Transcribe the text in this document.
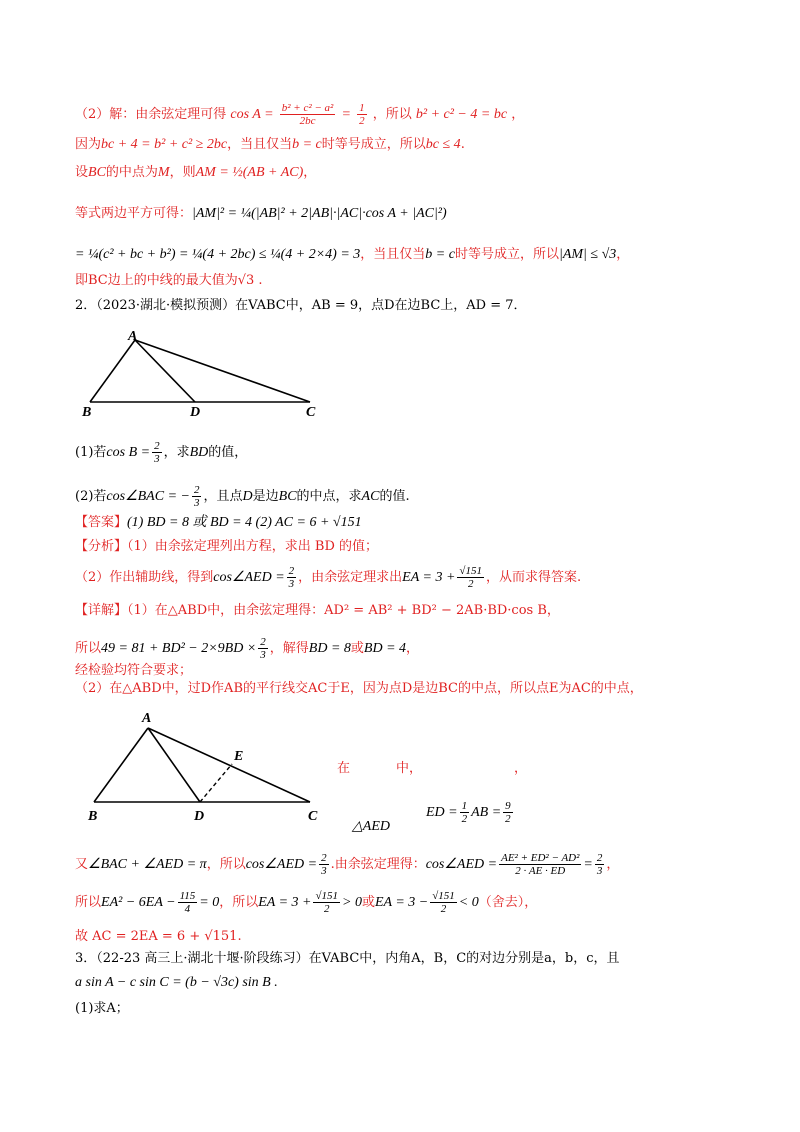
（2）解：由余弦定理可得 $\cos A = \frac{\text{b² + c² − a²}}{2bc} = \frac{1}{2}$ ，所以 b² + c² − 4 = bc ，
因为bc + 4 = b² + c² ≥ 2bc，当且仅当b = c时等号成立，所以bc ≤ 4.
设BC的中点为M，则AM = ½(AB + AC)，
等式两边平方可得：|AM|² = ¼(|AB|² + 2|AB|·|AC|·cos A + |AC|²)
= ¼(c² + bc + b²) = ¼(4 + 2bc) ≤ ¼(4 + 2×4) = 3，当且仅当b = c时等号成立，所以|AM| ≤ √3，
即BC边上的中线的最大值为√3 .
2．（2023·湖北·模拟预测）在VABC中，AB = 9，点D在边BC上，AD = 7．
A
B	D	C
(1)若$\cos B = \frac{2}{3}$ ，求BD的值，
(2)若cos∠BAC = − $\frac{2}{3}$ ，且点D是边BC的中点，求AC的值.
【答案】(1) BD = 8 或 BD = 4 (2) AC = 6 + √151
【分析】（1）由余弦定理列出方程，求出 BD 的值；
（2）作出辅助线，得到cos∠AED = $\frac{2}{3}$ ，由余弦定理求出EA = $3 + \frac{√151}{2}$ ，从而求得答案.
【详解】（1）在△ABD中，由余弦定理得：AD² = AB² + BD² − 2AB·BD·cos B，
所以$49 = 81 + BD^2 - 2\times 9BD \times \frac{2}{3}$ ，解得BD = 8或BD = 4，
经检验均符合要求；
（2）在△ABD中，过D作AB的平行线交AC于E，因为点D是边BC的中点，所以点E为AC的中点，
A
B	D	C
E
在	中，	，
△AED
ED = $\frac{1}{2}$ AB = $\frac{9}{2}$
又∠BAC + ∠AED = π，所以cos∠AED = $\frac{2}{3}$ .由余弦定理得：cos∠AED = $\frac{\text{AE² + ED² − AD²}}{2 \cdot AE \cdot ED} = \frac{2}{3}$ ，
所以$EA^2 - 6EA - \frac{115}{4} = 0$，所以EA = $3 + \frac{√151}{2} > 0$或EA = $3 - \frac{√151}{2} < 0$（舍去），
故 AC = 2EA = 6 + √151.
3．（22-23 高三上·湖北十堰·阶段练习）在VABC中，内角A，B，C的对边分别是a，b，c，且
a sin A − c sin C = (b − √3c) sin B .
(1)求A；
